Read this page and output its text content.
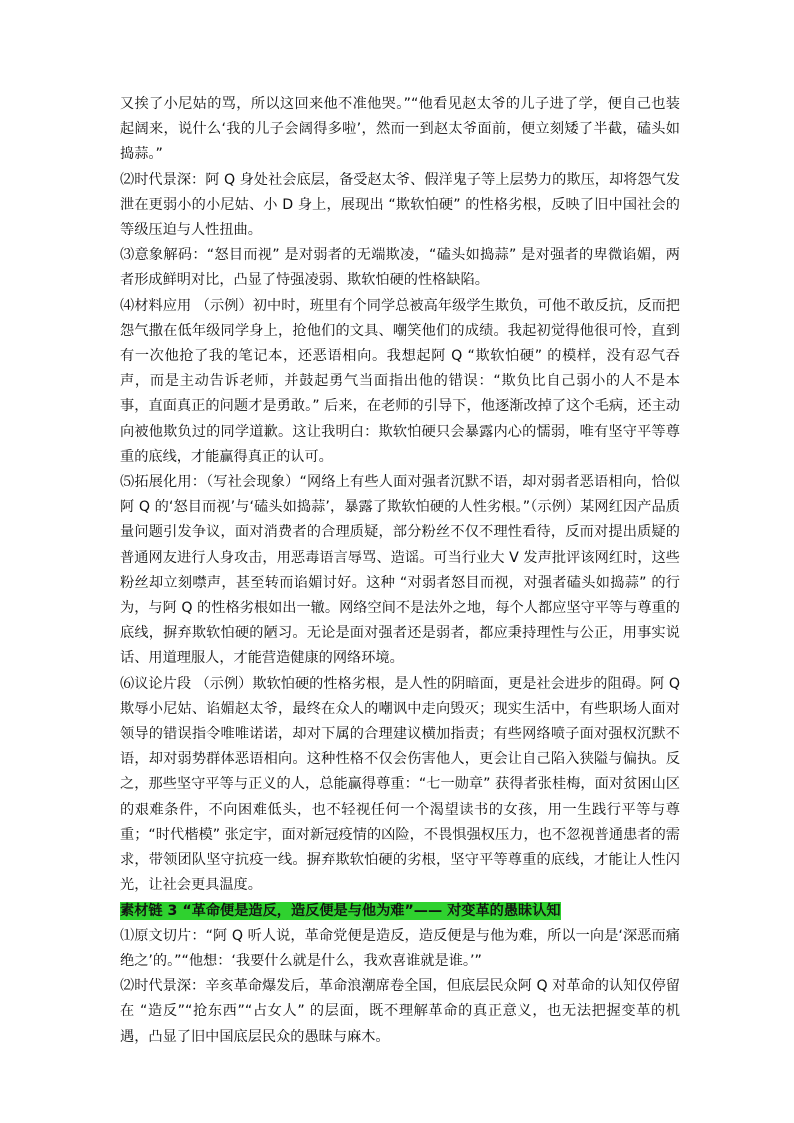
又挨了小尼姑的骂，所以这回来他不准他哭。”“他看见赵太爷的儿子进了学，便自己也装起阔来，说什么‘我的儿子会阔得多啦’，然而一到赵太爷面前，便立刻矮了半截，磕头如捣蒜。”

⑵时代景深：阿 Q 身处社会底层，备受赵太爷、假洋鬼子等上层势力的欺压，却将怨气发泄在更弱小的小尼姑、小 D 身上，展现出 “欺软怕硬” 的性格劣根，反映了旧中国社会的等级压迫与人性扭曲。

⑶意象解码：“怒目而视” 是对弱者的无端欺凌，“磕头如捣蒜” 是对强者的卑微谄媚，两者形成鲜明对比，凸显了恃强凌弱、欺软怕硬的性格缺陷。

⑷材料应用 （示例）初中时，班里有个同学总被高年级学生欺负，可他不敢反抗，反而把怨气撒在低年级同学身上，抢他们的文具、嘲笑他们的成绩。我起初觉得他很可怜，直到有一次他抢了我的笔记本，还恶语相向。我想起阿 Q “欺软怕硬” 的模样，没有忍气吞声，而是主动告诉老师，并鼓起勇气当面指出他的错误：“欺负比自己弱小的人不是本事，直面真正的问题才是勇敢。” 后来，在老师的引导下，他逐渐改掉了这个毛病，还主动向被他欺负过的同学道歉。这让我明白：欺软怕硬只会暴露内心的懦弱，唯有坚守平等尊重的底线，才能赢得真正的认可。

⑸拓展化用：（写社会现象）“网络上有些人面对强者沉默不语，却对弱者恶语相向，恰似阿 Q 的‘怒目而视’与‘磕头如捣蒜’，暴露了欺软怕硬的人性劣根。”（示例）某网红因产品质量问题引发争议，面对消费者的合理质疑，部分粉丝不仅不理性看待，反而对提出质疑的普通网友进行人身攻击，用恶毒语言辱骂、造谣。可当行业大 V 发声批评该网红时，这些粉丝却立刻噤声，甚至转而谄媚讨好。这种 “对弱者怒目而视，对强者磕头如捣蒜” 的行为，与阿 Q 的性格劣根如出一辙。网络空间不是法外之地，每个人都应坚守平等与尊重的底线，摒弃欺软怕硬的陋习。无论是面对强者还是弱者，都应秉持理性与公正，用事实说话、用道理服人，才能营造健康的网络环境。

⑹议论片段 （示例）欺软怕硬的性格劣根，是人性的阴暗面，更是社会进步的阻碍。阿 Q 欺辱小尼姑、谄媚赵太爷，最终在众人的嘲讽中走向毁灭；现实生活中，有些职场人面对领导的错误指令唯唯诺诺，却对下属的合理建议横加指责；有些网络喷子面对强权沉默不语，却对弱势群体恶语相向。这种性格不仅会伤害他人，更会让自己陷入狭隘与偏执。反之，那些坚守平等与正义的人，总能赢得尊重：“七一勋章” 获得者张桂梅，面对贫困山区的艰难条件，不向困难低头，也不轻视任何一个渴望读书的女孩，用一生践行平等与尊重；“时代楷模” 张定宇，面对新冠疫情的凶险，不畏惧强权压力，也不忽视普通患者的需求，带领团队坚守抗疫一线。摒弃欺软怕硬的劣根，坚守平等尊重的底线，才能让人性闪光，让社会更具温度。

素材链 3 “革命便是造反，造反便是与他为难”—— 对变革的愚昧认知

⑴原文切片：“阿 Q 听人说，革命党便是造反，造反便是与他为难，所以一向是‘深恶而痛绝之’的。”“他想：‘我要什么就是什么，我欢喜谁就是谁。’”

⑵时代景深：辛亥革命爆发后，革命浪潮席卷全国，但底层民众阿 Q 对革命的认知仅停留在 “造反”“抢东西”“占女人” 的层面，既不理解革命的真正意义，也无法把握变革的机遇，凸显了旧中国底层民众的愚昧与麻木。
